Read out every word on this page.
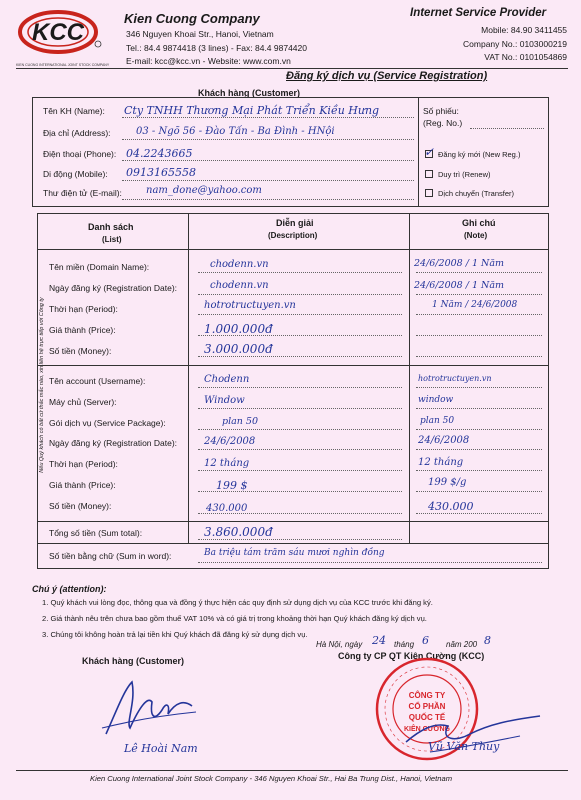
KCC
KIEN CUONG INTERNATIONAL JOINT STOCK COMPANY
Kien Cuong Company
346 Nguyen Khoai Str., Hanoi, Vietnam
Tel.: 84.4 9874418 (3 lines) - Fax: 84.4 9874420
E-mail: kcc@kcc.vn - Website: www.com.vn
Internet Service Provider
Mobile: 84.90 3411455
Company No.: 0103000219
VAT No.: 0101054869
Đăng ký dịch vụ (Service Registration)
Khách hàng (Customer)
Tên KH (Name): Cty TNHH Thương Mại Phát Triển Kiều Hưng
Địa chỉ (Address):	03 - Ngõ 56 - Đào Tấn - Ba Đình - HNội
Điện thoại (Phone): 04.2243665
Di động (Mobile): 0913165558
Thư điện tử (E-mail): nam_done@yahoo.com
Số phiếu:
(Reg. No.)
✓ Đăng ký mới (New Reg.)
Duy trì (Renew)
Dịch chuyển (Transfer)
Danh sách
(List)
Diễn giải
(Description)
Ghi chú
(Note)
Nếu Quý khách có bất cứ thắc mắc nào, xin liên hệ trực tiếp với Công ty
Tên miền (Domain Name):	chodenn.vn	24/6/2008 / 1 Năm
Ngày đăng ký (Registration Date):	chodenn.vn	24/6/2008 / 1 Năm
Thời hạn (Period):	hotrotructuyen.vn	1 Năm / 24/6/2008
Giá thành (Price):	1.000.000đ
Số tiền (Money):	3.000.000đ
Tên account (Username):	Chodenn	hotrotructuyen.vn
Máy chủ (Server):	Window	window
Gói dịch vụ (Service Package):	plan 50	plan 50
Ngày đăng ký (Registration Date):	24/6/2008	24/6/2008
Thời hạn (Period):	12 tháng	12 tháng
Giá thành (Price):	199 $	199 $/g
Số tiền (Money):	430.000	430.000
Tổng số tiền (Sum total):	3.860.000đ
Số tiền bằng chữ (Sum in word):	Ba triệu tám trăm sáu mươi nghìn đồng
Chú ý (attention):
1. Quý khách vui lòng đọc, thông qua và đồng ý thực hiện các quy định sử dụng dịch vụ của KCC trước khi đăng ký.
2. Giá thành nêu trên chưa bao gồm thuế VAT 10% và có giá trị trong khoảng thời hạn Quý khách đăng ký dịch vụ.
3. Chúng tôi không hoàn trả lại tiền khi Quý khách đã đăng ký sử dụng dịch vụ.
Hà Nội, ngày 24 tháng 6 năm 200 8
Khách hàng (Customer)	Công ty CP QT Kiên Cường (KCC)
Lê Hoài Nam
CÔNG TY
CỔ PHẦN
QUỐC TẾ
KIÊN CƯỜNG
Vũ Văn Thuy
Kien Cuong International Joint Stock Company - 346 Nguyen Khoai Str., Hai Ba Trung Dist., Hanoi, Vietnam
